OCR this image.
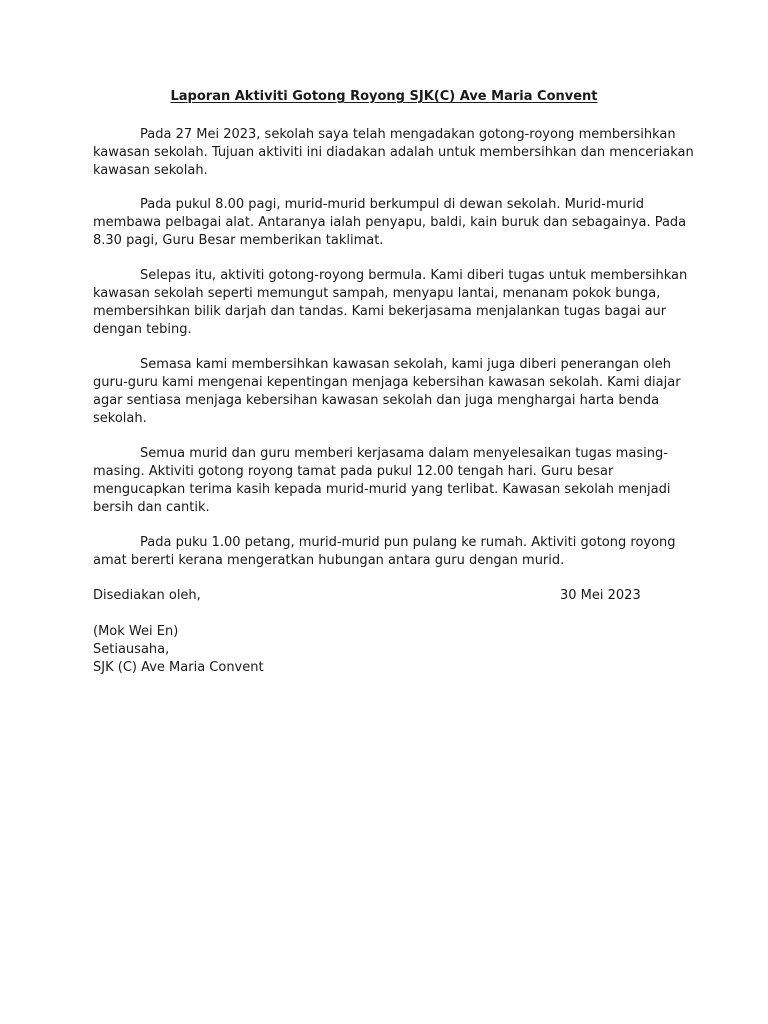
Laporan Aktiviti Gotong Royong SJK(C) Ave Maria Convent
Pada 27 Mei 2023, sekolah saya telah mengadakan gotong-royong membersihkan
kawasan sekolah. Tujuan aktiviti ini diadakan adalah untuk membersihkan dan menceriakan
kawasan sekolah.
Pada pukul 8.00 pagi, murid-murid berkumpul di dewan sekolah. Murid-murid
membawa pelbagai alat. Antaranya ialah penyapu, baldi, kain buruk dan sebagainya. Pada
8.30 pagi, Guru Besar memberikan taklimat.
Selepas itu, aktiviti gotong-royong bermula. Kami diberi tugas untuk membersihkan
kawasan sekolah seperti memungut sampah, menyapu lantai, menanam pokok bunga,
membersihkan bilik darjah dan tandas. Kami bekerjasama menjalankan tugas bagai aur
dengan tebing.
Semasa kami membersihkan kawasan sekolah, kami juga diberi penerangan oleh
guru-guru kami mengenai kepentingan menjaga kebersihan kawasan sekolah. Kami diajar
agar sentiasa menjaga kebersihan kawasan sekolah dan juga menghargai harta benda
sekolah.
Semua murid dan guru memberi kerjasama dalam menyelesaikan tugas masing-
masing. Aktiviti gotong royong tamat pada pukul 12.00 tengah hari. Guru besar
mengucapkan terima kasih kepada murid-murid yang terlibat. Kawasan sekolah menjadi
bersih dan cantik.
Pada puku 1.00 petang, murid-murid pun pulang ke rumah. Aktiviti gotong royong
amat bererti kerana mengeratkan hubungan antara guru dengan murid.
Disediakan oleh,	30 Mei 2023
(Mok Wei En)
Setiausaha,
SJK (C) Ave Maria Convent
